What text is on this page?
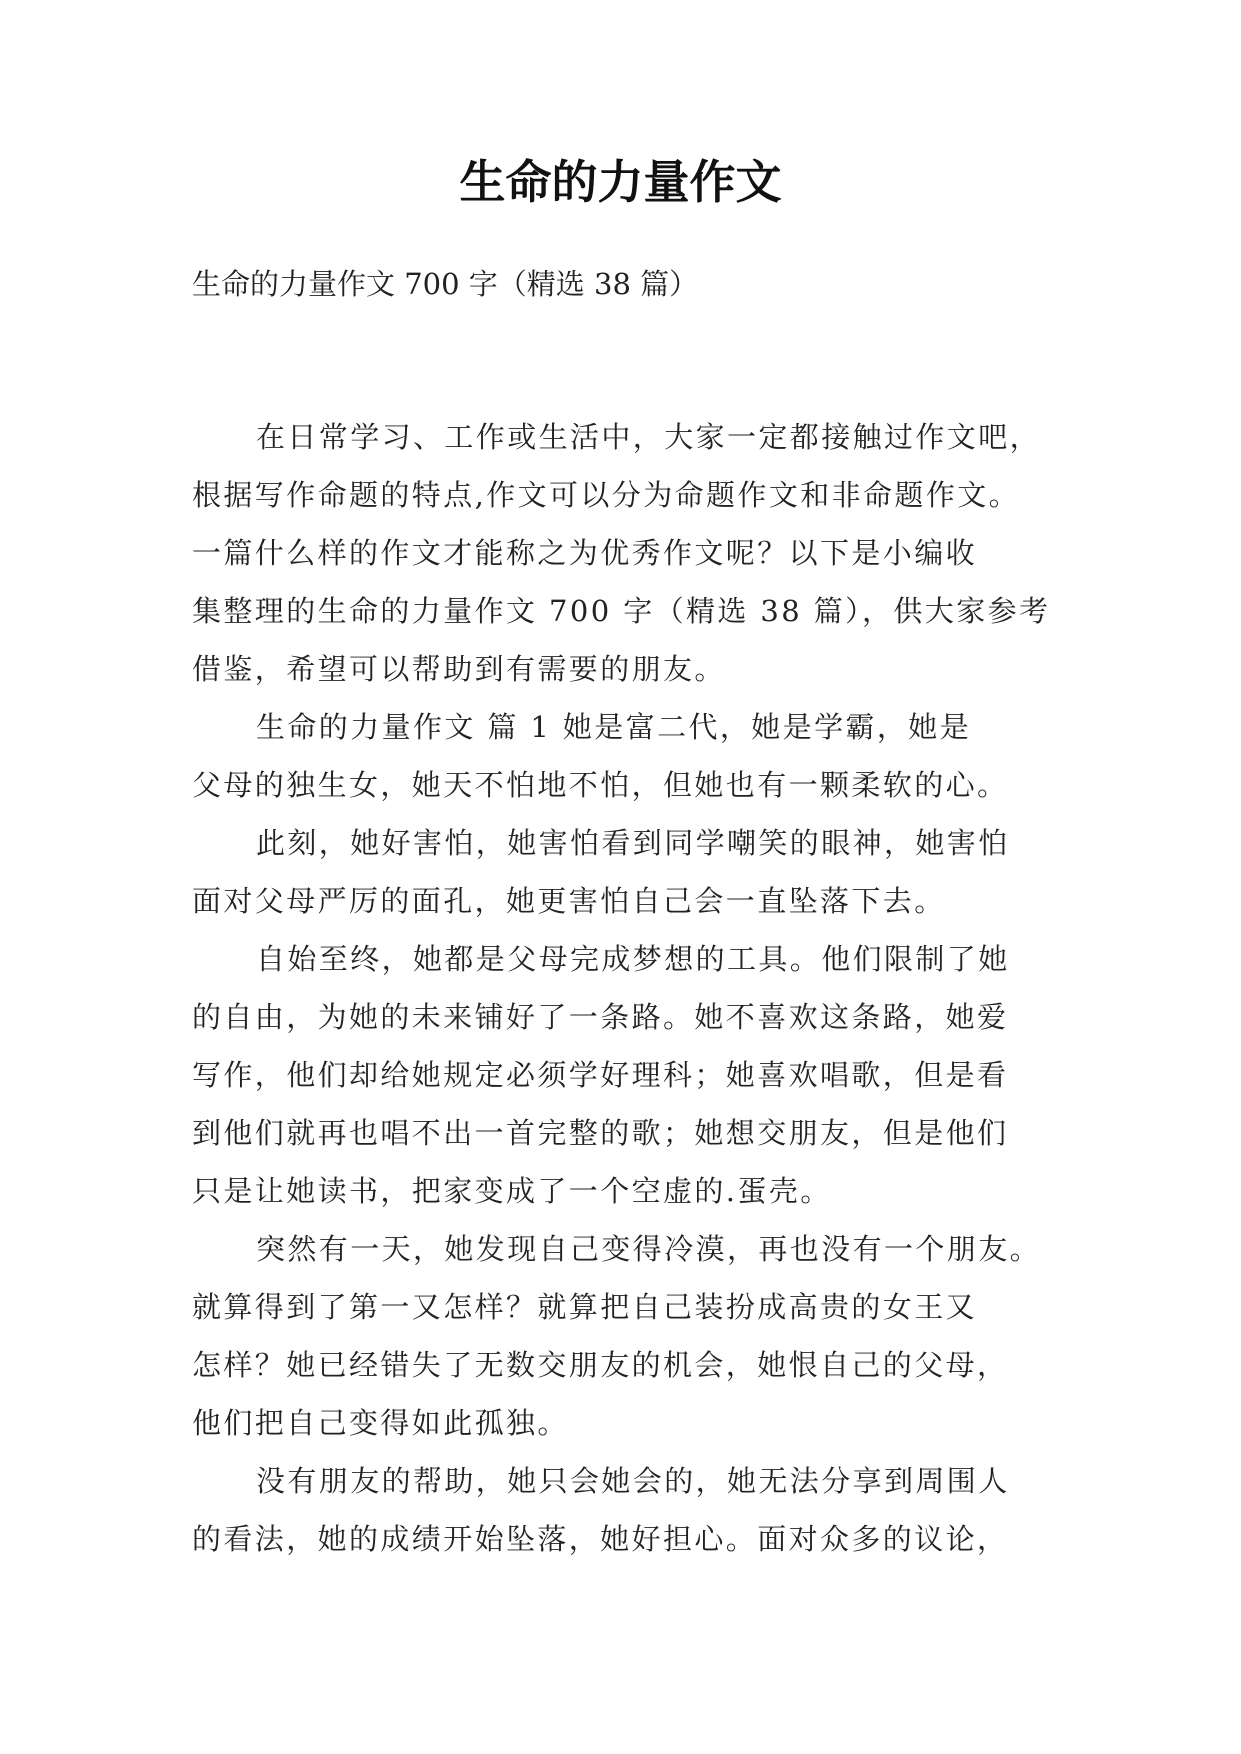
生命的力量作文

生命的力量作文 700 字（精选 38 篇）

在日常学习、工作或生活中，大家一定都接触过作文吧，
根据写作命题的特点,作文可以分为命题作文和非命题作文。
一篇什么样的作文才能称之为优秀作文呢？以下是小编收
集整理的生命的力量作文 700 字（精选 38 篇），供大家参考
借鉴，希望可以帮助到有需要的朋友。
生命的力量作文 篇 1 她是富二代，她是学霸，她是
父母的独生女，她天不怕地不怕，但她也有一颗柔软的心。
此刻，她好害怕，她害怕看到同学嘲笑的眼神，她害怕
面对父母严厉的面孔，她更害怕自己会一直坠落下去。
自始至终，她都是父母完成梦想的工具。他们限制了她
的自由，为她的未来铺好了一条路。她不喜欢这条路，她爱
写作，他们却给她规定必须学好理科；她喜欢唱歌，但是看
到他们就再也唱不出一首完整的歌；她想交朋友，但是他们
只是让她读书，把家变成了一个空虚的.蛋壳。
突然有一天，她发现自己变得冷漠，再也没有一个朋友。
就算得到了第一又怎样？就算把自己装扮成高贵的女王又
怎样？她已经错失了无数交朋友的机会，她恨自己的父母，
他们把自己变得如此孤独。
没有朋友的帮助，她只会她会的，她无法分享到周围人
的看法，她的成绩开始坠落，她好担心。面对众多的议论，
